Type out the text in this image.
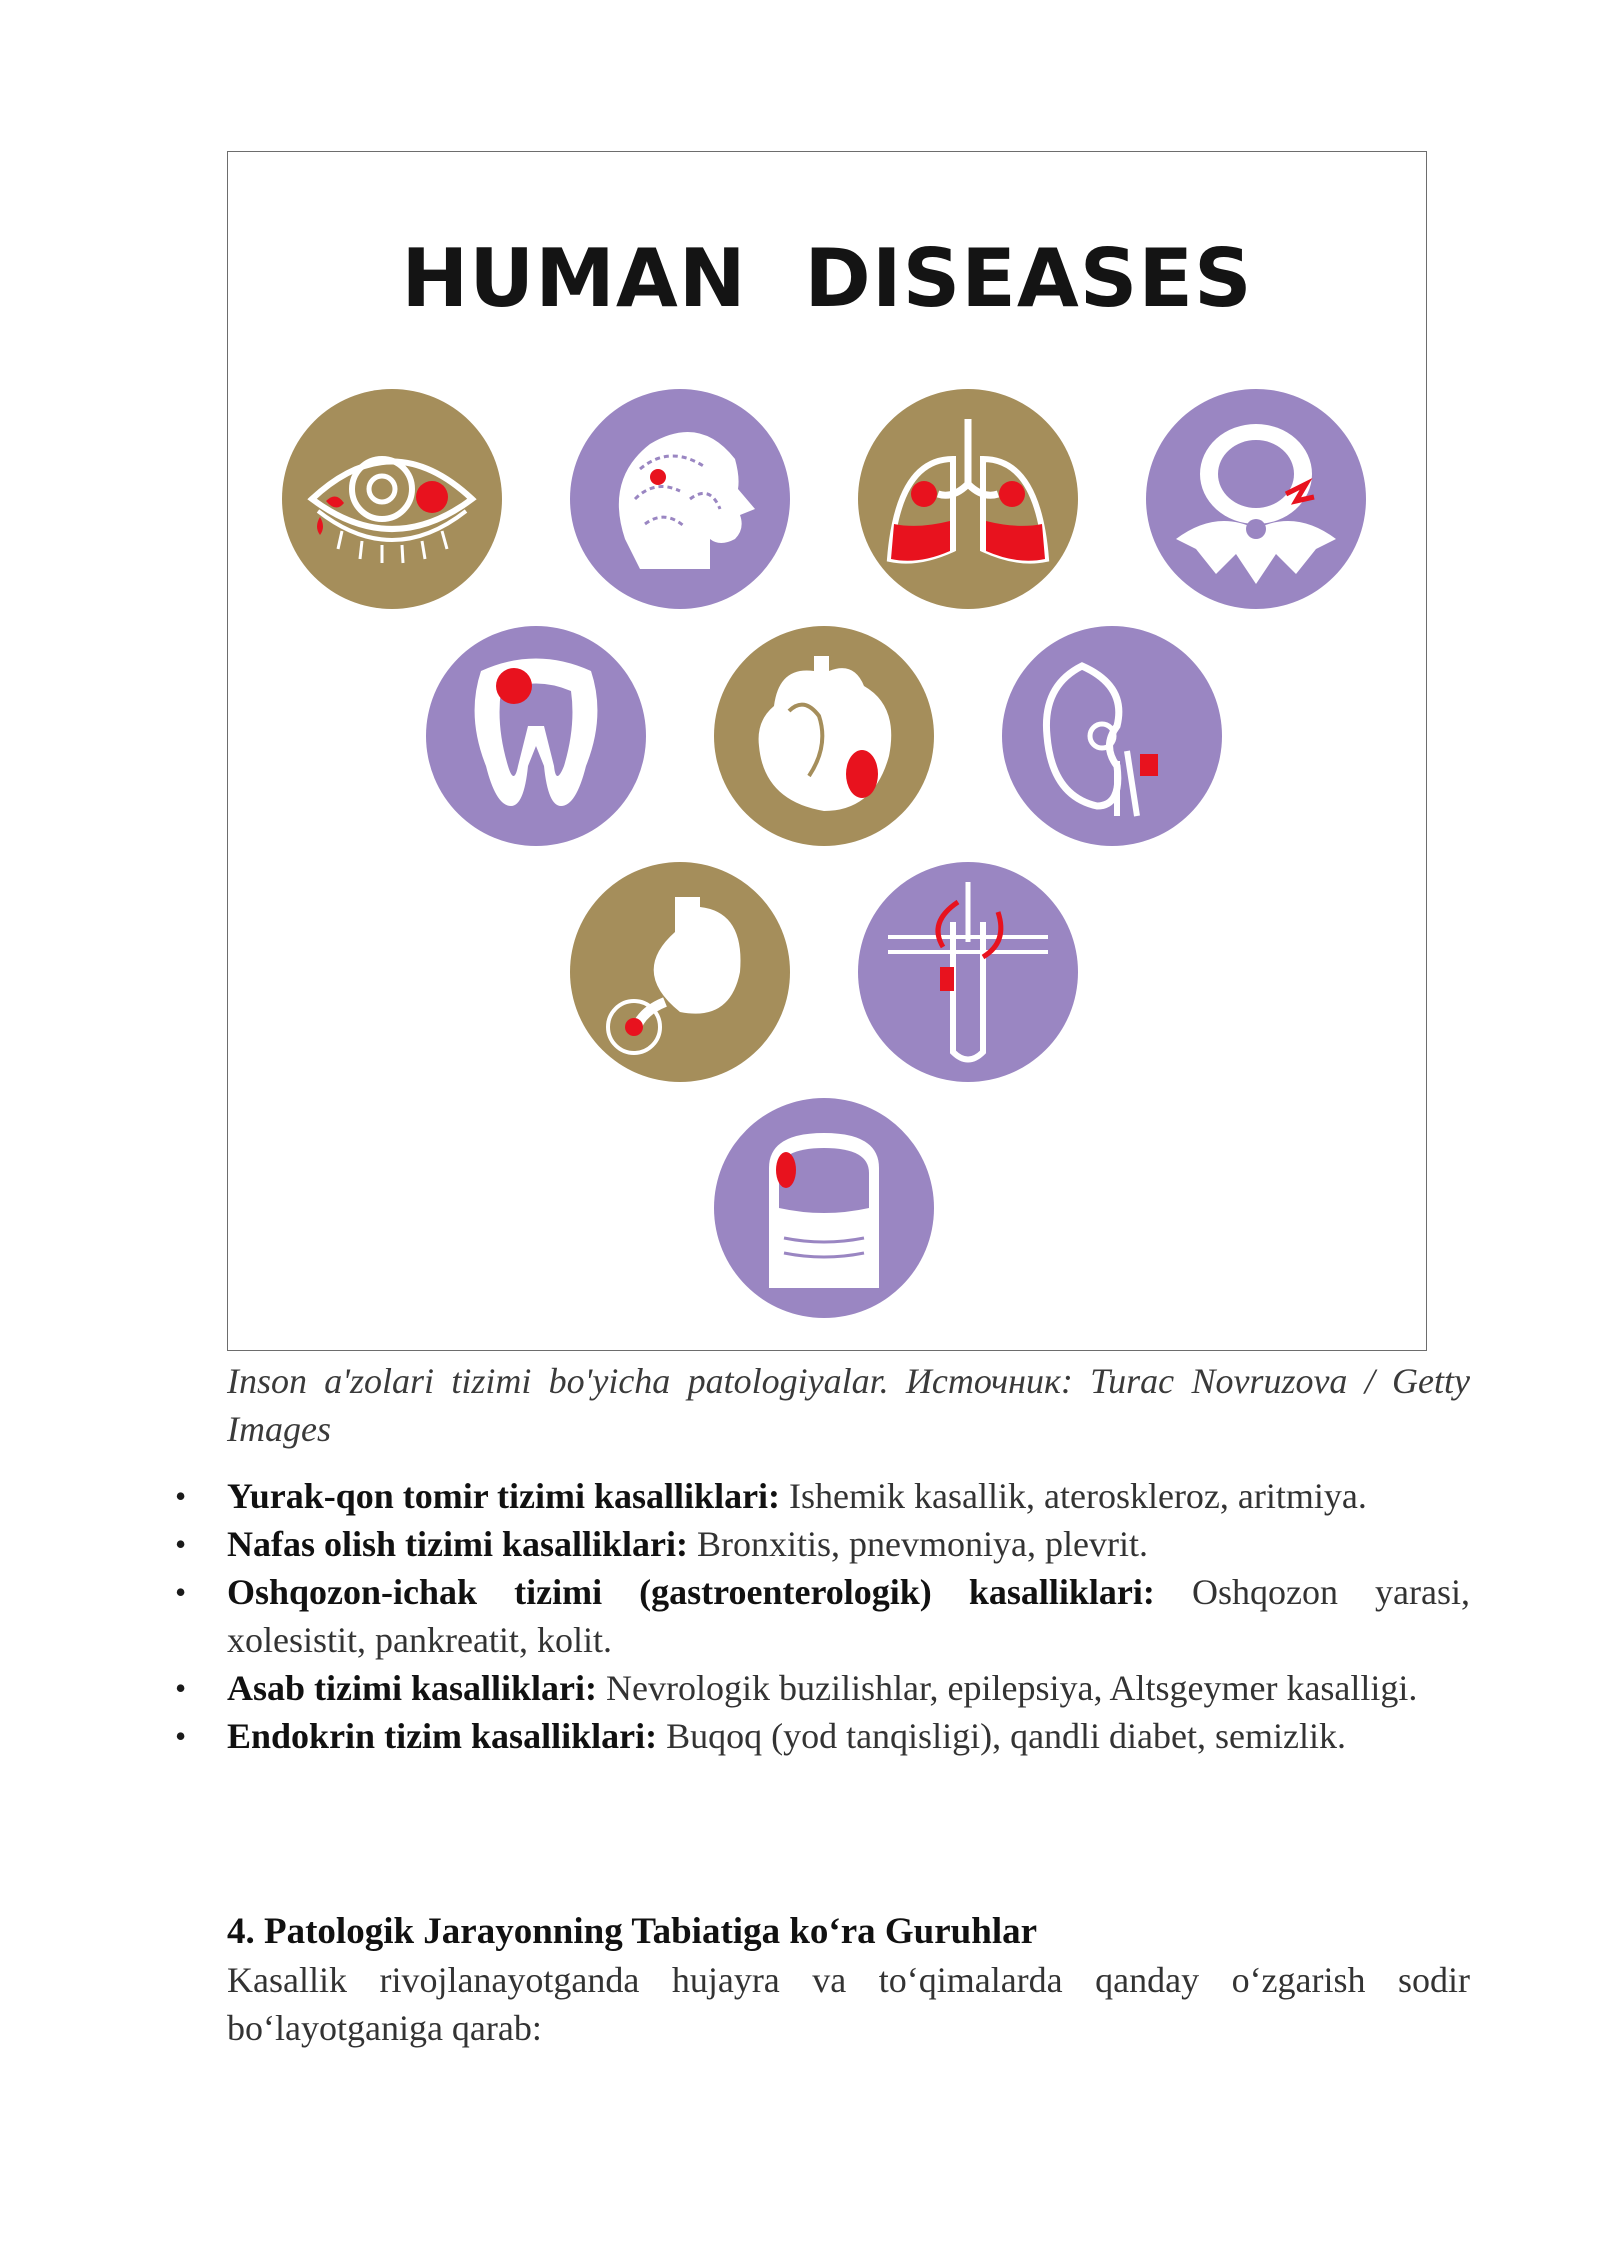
HUMAN  DISEASES
Inson a'zolari tizimi bo'yicha patologiyalar. Источник: Turac Novruzova / Getty Images
• Yurak-qon tomir tizimi kasalliklari: Ishemik kasallik, ateroskleroz, aritmiya.
• Nafas olish tizimi kasalliklari: Bronxitis, pnevmoniya, plevrit.
• Oshqozon-ichak tizimi (gastroenterologik) kasalliklari: Oshqozon yarasi, xolesistit, pankreatit, kolit.
• Asab tizimi kasalliklari: Nevrologik buzilishlar, epilepsiya, Altsgeymer kasalligi.
• Endokrin tizim kasalliklari: Buqoq (yod tanqisligi), qandli diabet, semizlik.
4. Patologik Jarayonning Tabiatiga koʻra Guruhlar
Kasallik rivojlanayotganda hujayra va toʻqimalarda qanday oʻzgarish sodir boʻlayotganiga qarab:
